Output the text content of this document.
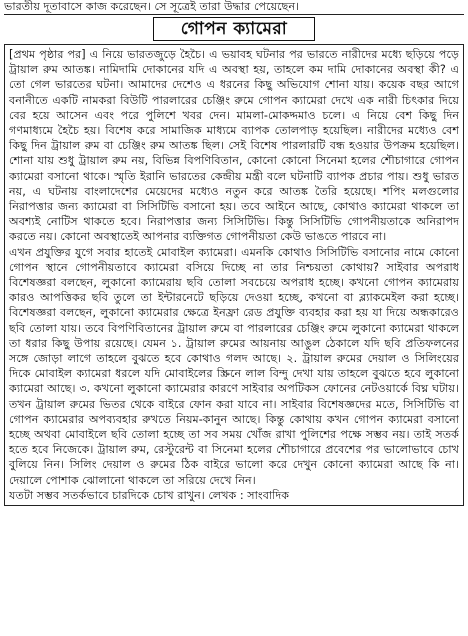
ভারতীয় দূতাবাসে কাজ করেছেন। সে সূত্রেই তারা উদ্ধার পেয়েছেন।
গোপন ক্যামেরা

[প্রথম পৃষ্ঠার পর] এ নিয়ে ভারতজুড়ে হৈচৈ। এ ভয়াবহ ঘটনার পর ভারতে নারীদের মধ্যে ছড়িয়ে পড়ে ট্রায়াল রুম আতঙ্ক। নামিদামি দোকানের যদি এ অবস্থা হয়, তাহলে কম দামি দোকানের অবস্থা কী? এ তো গেল ভারতের ঘটনা। আমাদের দেশেও এ ধরনের কিছু অভিযোগ শোনা যায়। কয়েক বছর আগে বনানীতে একটি নামকরা বিউটি পারলারের চেঞ্জিং রুমে গোপন ক্যামেরা দেখে এক নারী চিৎকার দিয়ে বের হয়ে আসেন এবং পরে পুলিশে খবর দেন। মামলা-মোকদ্দমাও চলে। এ নিয়ে বেশ কিছু দিন গণমাধ্যমে হৈচৈ হয়। বিশেষ করে সামাজিক মাধ্যমে ব্যাপক তোলপাড় হয়েছিল। নারীদের মধ্যেও বেশ কিছু দিন ট্রায়াল রুম বা চেঞ্জিং রুম আতঙ্ক ছিল। সেই বিশেষ পারলারটি বন্ধ হওয়ার উপক্রম হয়েছিল। শোনা যায় শুধু ট্রায়াল রুম নয়, বিভিন্ন বিপণিবিতান, কোনো কোনো সিনেমা হলের শৌচাগারে গোপন ক্যামেরা বসানো থাকে। স্মৃতি ইরানি ভারতের কেন্দ্রীয় মন্ত্রী বলে ঘটনাটি ব্যাপক প্রচার পায়। শুধু ভারত নয়, এ ঘটনায় বাংলাদেশের মেয়েদের মধ্যেও নতুন করে আতঙ্ক তৈরি হয়েছে। শপিং মলগুলোর নিরাপত্তার জন্য ক্যামেরা বা সিসিটিভি বসানো হয়। তবে আইনে আছে, কোথাও ক্যামেরা থাকলে তা অবশ্যই নোটিস থাকতে হবে। নিরাপত্তার জন্য সিসিটিভি। কিন্তু সিসিটিভি গোপনীয়তাকে অনিরাপদ করতে নয়। কোনো অবস্থাতেই আপনার ব্যক্তিগত গোপনীয়তা কেউ ভাঙতে পারবে না।

এখন প্রযুক্তির যুগে সবার হাতেই মোবাইল ক্যামেরা। এমনকি কোথাও সিসিটিভি বসানোর নামে কোনো গোপন স্থানে গোপনীয়তাবে ক্যামেরা বসিয়ে দিচ্ছে না তার নিশ্চয়তা কোথায়? সাইবার অপরাধ বিশেষজ্ঞরা বলছেন, লুকানো ক্যামেরায় ছবি তোলা সবচেয়ে অপরাধ হচ্ছে। কখনো গোপন ক্যামেরায় কারও আপত্তিকর ছবি তুলে তা ইন্টারনেটে ছড়িয়ে দেওয়া হচ্ছে, কখনো বা ব্ল্যাকমেইল করা হচ্ছে। বিশেষজ্ঞরা বলছেন, লুকানো ক্যামেরার ক্ষেত্রে ইনফ্রা রেড প্রযুক্তি ব্যবহার করা হয় যা দিয়ে অন্ধকারেও ছবি তোলা যায়। তবে বিপণিবিতানের ট্রায়াল রুমে বা পারলারের চেঞ্জিং রুমে লুকানো ক্যামেরা থাকলে তা ধরার কিছু উপায় রয়েছে। যেমন ১. ট্রায়াল রুমের আয়নায় আঙুল ঠেকালে যদি ছবি প্রতিফলনের সঙ্গে জোড়া লাগে তাহলে বুঝতে হবে কোথাও গলদ আছে। ২. ট্রায়াল রুমের দেয়াল ও সিলিংয়ের দিকে মোবাইল ক্যামেরা ধরলে যদি মোবাইলের স্ক্রিনে লাল বিন্দু দেখা যায় তাহলে বুঝতে হবে লুকানো ক্যামেরা আছে। ৩. কখনো লুকানো ক্যামেরার কারণে সাইবার অপটিকস ফোনের নেটওয়ার্কে বিঘ্ন ঘটায়। তখন ট্রায়াল রুমের ভিতর থেকে বাইরে ফোন করা যাবে না। সাইবার বিশেষজ্ঞদের মতে, সিসিটিভি বা গোপন ক্যামেরার অপব্যবহার রুখতে নিয়ম-কানুন আছে। কিন্তু কোথায় কখন গোপন ক্যামেরা বসানো হচ্ছে অথবা মোবাইলে ছবি তোলা হচ্ছে তা সব সময় খোঁজ রাখা পুলিশের পক্ষে সম্ভব নয়। তাই সতর্ক হতে হবে নিজেকে। ট্রায়াল রুম, রেস্টুরেন্ট বা সিনেমা হলের শৌচাগারে প্রবেশের পর ভালোভাবে চোখ বুলিয়ে নিন। সিলিং দেয়াল ও রুমের ঠিক বাইরে ভালো করে দেখুন কোনো ক্যামেরা আছে কি না। দেয়ালে পোশাক ঝোলানো থাকলে তা সরিয়ে দেখে নিন।

যতটা সম্ভব সতর্কভাবে চারদিকে চোখ রাখুন। লেখক : সাংবাদিক
